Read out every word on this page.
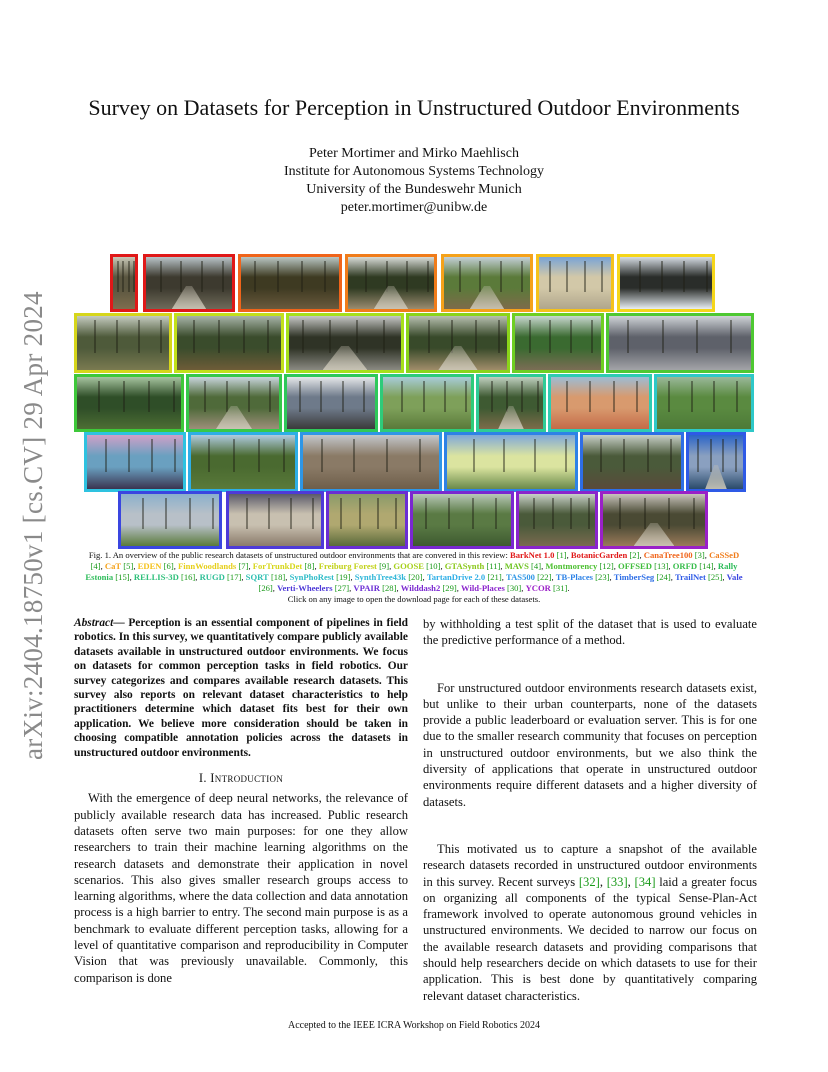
arXiv:2404.18750v1 [cs.CV] 29 Apr 2024
Survey on Datasets for Perception in Unstructured Outdoor Environments
Peter Mortimer and Mirko Maehlisch
Institute for Autonomous Systems Technology
University of the Bundeswehr Munich
peter.mortimer@unibw.de
Fig. 1. An overview of the public research datasets of unstructured outdoor environments that are convered in this review: BarkNet 1.0 [1], BotanicGarden [2], CanaTree100 [3], CaSSeD [4], CaT [5], EDEN [6], FinnWoodlands [7], ForTrunkDet [8], Freiburg Forest [9], GOOSE [10], GTASynth [11], MAVS [4], Montmorency [12], OFFSED [13], ORFD [14], Rally Estonia [15], RELLIS-3D [16], RUGD [17], SQRT [18], SynPhoRest [19], SynthTree43k [20], TartanDrive 2.0 [21], TAS500 [22], TB-Places [23], TimberSeg [24], TrailNet [25], Vale [26], Verti-Wheelers [27], VPAIR [28], Wilddash2 [29], Wild-Places [30], YCOR [31].
Click on any image to open the download page for each of these datasets.

Abstract— Perception is an essential component of pipelines in field robotics. In this survey, we quantitatively compare publicly available datasets available in unstructured outdoor environments. We focus on datasets for common perception tasks in field robotics. Our survey categorizes and compares available research datasets. This survey also reports on relevant dataset characteristics to help practitioners determine which dataset fits best for their own application. We believe more consideration should be taken in choosing compatible annotation policies across the datasets in unstructured outdoor environments.

I. Introduction

With the emergence of deep neural networks, the relevance of publicly available research data has increased. Public research datasets often serve two main purposes: for one they allow researchers to train their machine learning algorithms on the research datasets and demonstrate their application in novel scenarios. This also gives smaller research groups access to learning algorithms, where the data collection and data annotation process is a high barrier to entry. The second main purpose is as a benchmark to evaluate different perception tasks, allowing for a level of quantitative comparison and reproducibility in Computer Vision that was previously unavailable. Commonly, this comparison is done

by withholding a test split of the dataset that is used to evaluate the predictive performance of a method.

For unstructured outdoor environments research datasets exist, but unlike to their urban counterparts, none of the datasets provide a public leaderboard or evaluation server. This is for one due to the smaller research community that focuses on perception in unstructured outdoor environments, but we also think the diversity of applications that operate in unstructured outdoor environments require different datasets and a higher diversity of datasets.

This motivated us to capture a snapshot of the available research datasets recorded in unstructured outdoor environments in this survey. Recent surveys [32], [33], [34] laid a greater focus on organizing all components of the typical Sense-Plan-Act framework involved to operate autonomous ground vehicles in unstructured environments. We decided to narrow our focus on the available research datasets and providing comparisons that should help researchers decide on which datasets to use for their application. This is best done by quantitatively comparing relevant dataset characteristics.

Accepted to the IEEE ICRA Workshop on Field Robotics 2024
